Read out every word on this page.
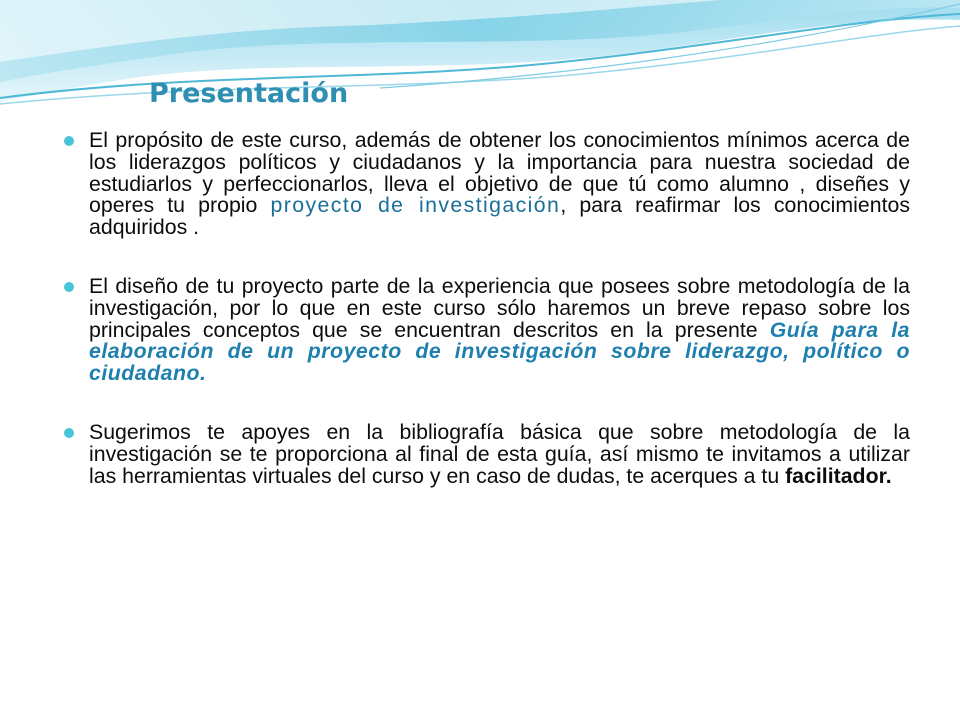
Presentación

El propósito de este curso, además de obtener los conocimientos mínimos acerca de los liderazgos políticos y ciudadanos y la importancia para nuestra sociedad de estudiarlos y perfeccionarlos, lleva el objetivo de que tú como alumno , diseñes y operes tu propio proyecto de investigación, para reafirmar los conocimientos adquiridos .

El diseño de tu proyecto parte de la experiencia que posees sobre metodología de la investigación, por lo que en este curso sólo haremos un breve repaso sobre los principales conceptos que se encuentran descritos en la presente Guía para la elaboración de un proyecto de investigación sobre liderazgo, político o ciudadano.

Sugerimos te apoyes en la bibliografía básica que sobre metodología de la investigación se te proporciona al final de esta guía, así mismo te invitamos a utilizar las herramientas virtuales del curso y en caso de dudas, te acerques a tu facilitador.
